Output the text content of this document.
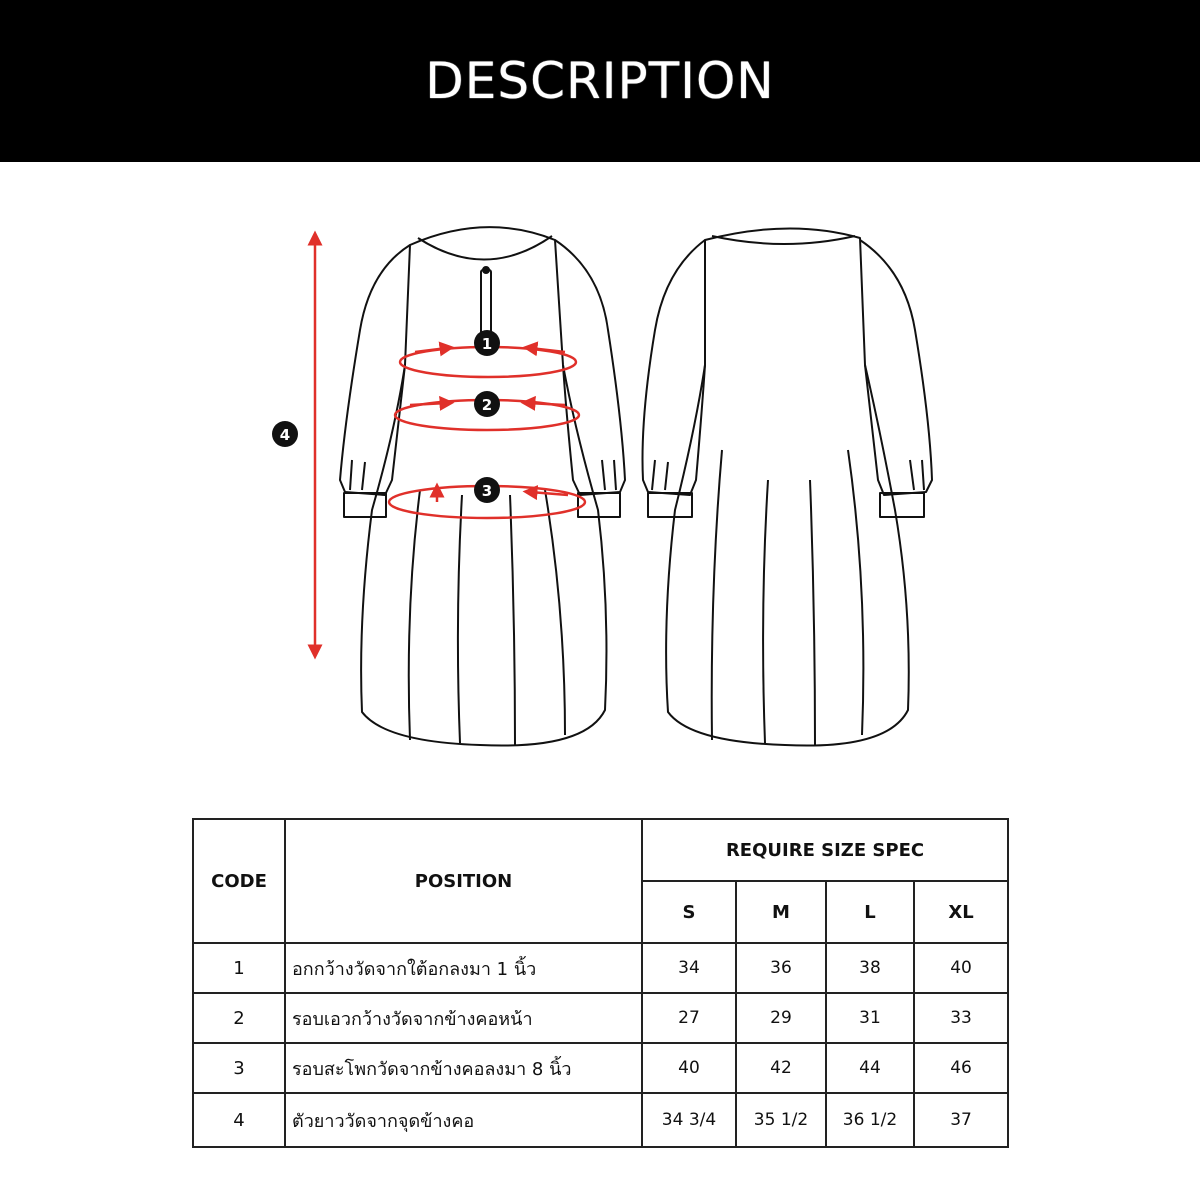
DESCRIPTION
1
2
3
4
CODE	POSITION	REQUIRE SIZE SPEC			
		S	M	L	XL
1	อกกว้างวัดจากใต้อกลงมา 1 นิ้ว	34	36	38	40
2	รอบเอวกว้างวัดจากข้างคอหน้า	27	29	31	33
3	รอบสะโพกวัดจากข้างคอลงมา 8 นิ้ว	40	42	44	46
4	ตัวยาววัดจากจุดข้างคอ	34 3/4	35 1/2	36 1/2	37
